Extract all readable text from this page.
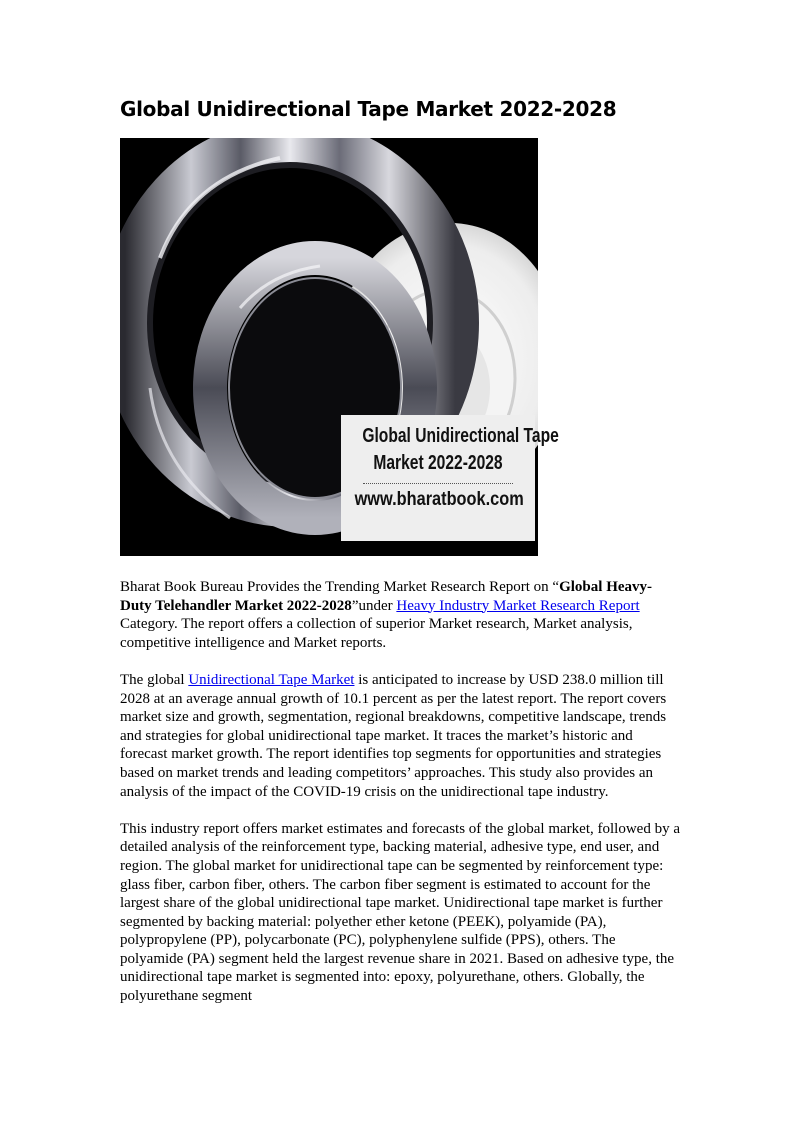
Global Unidirectional Tape Market 2022-2028
Global Unidirectional Tape
Market 2022-2028
www.bharatbook.com

Bharat Book Bureau Provides the Trending Market Research Report on “Global Heavy-Duty Telehandler Market 2022-2028”under Heavy Industry Market Research Report Category. The report offers a collection of superior Market research, Market analysis, competitive intelligence and Market reports.

The global Unidirectional Tape Market is anticipated to increase by USD 238.0 million till 2028 at an average annual growth of 10.1 percent as per the latest report. The report covers market size and growth, segmentation, regional breakdowns, competitive landscape, trends and strategies for global unidirectional tape market. It traces the market’s historic and forecast market growth. The report identifies top segments for opportunities and strategies based on market trends and leading competitors’ approaches. This study also provides an analysis of the impact of the COVID-19 crisis on the unidirectional tape industry.

This industry report offers market estimates and forecasts of the global market, followed by a detailed analysis of the reinforcement type, backing material, adhesive type, end user, and region. The global market for unidirectional tape can be segmented by reinforcement type: glass fiber, carbon fiber, others. The carbon fiber segment is estimated to account for the largest share of the global unidirectional tape market. Unidirectional tape market is further segmented by backing material: polyether ether ketone (PEEK), polyamide (PA), polypropylene (PP), polycarbonate (PC), polyphenylene sulfide (PPS), others. The polyamide (PA) segment held the largest revenue share in 2021. Based on adhesive type, the unidirectional tape market is segmented into: epoxy, polyurethane, others. Globally, the polyurethane segment
